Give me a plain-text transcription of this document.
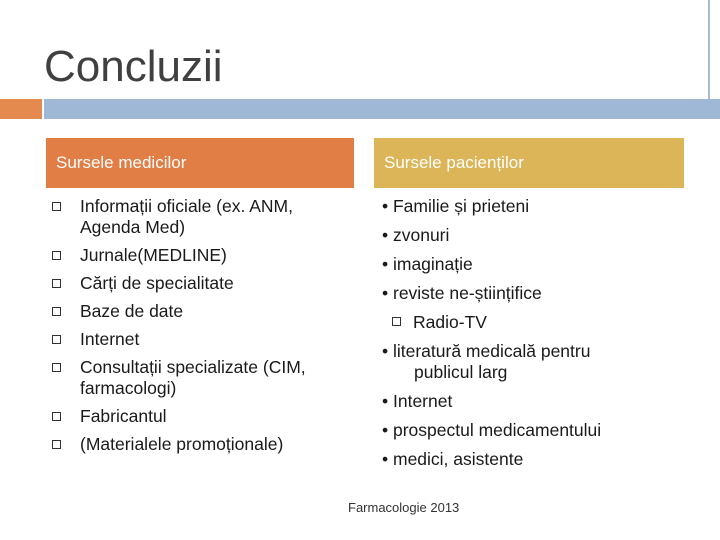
Concluzii
Sursele medicilor	Sursele pacienților
Informații oficiale (ex. ANM, Agenda Med)
Jurnale(MEDLINE)
Cărți de specialitate
Baze de date
Internet
Consultații specializate (CIM, farmacologi)
Fabricantul
(Materialele promoționale)
• Familie și prieteni
• zvonuri
• imaginație
• reviste ne-științifice
Radio-TV
• literatură medicală pentru
publicul larg
• Internet
• prospectul medicamentului
• medici, asistente
Farmacologie 2013
